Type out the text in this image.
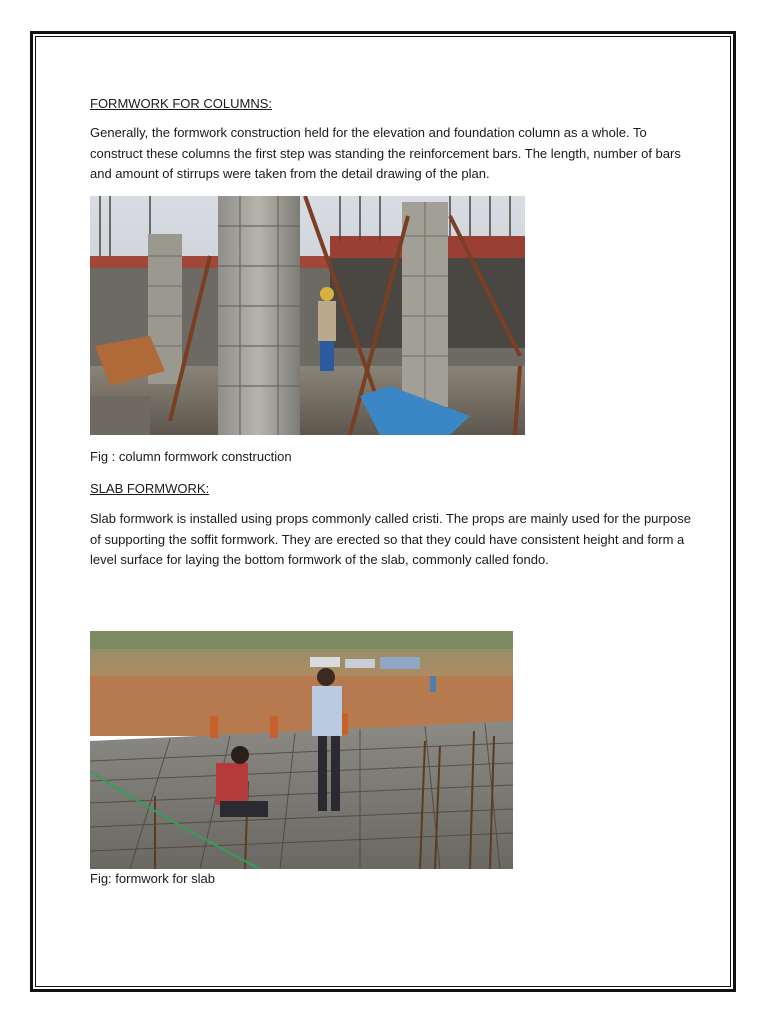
FORMWORK FOR COLUMNS:

Generally, the formwork construction held for the elevation and foundation column as a whole. To construct these columns the first step was standing the reinforcement bars. The length, number of bars and amount of stirrups were taken from the detail drawing of the plan.

Fig : column formwork construction

SLAB FORMWORK:

Slab formwork is installed using props commonly called cristi. The props are mainly used for the purpose of supporting the soffit formwork. They are erected so that they could have consistent height and form a level surface for laying the bottom formwork of the slab, commonly called fondo.

Fig: formwork for slab
